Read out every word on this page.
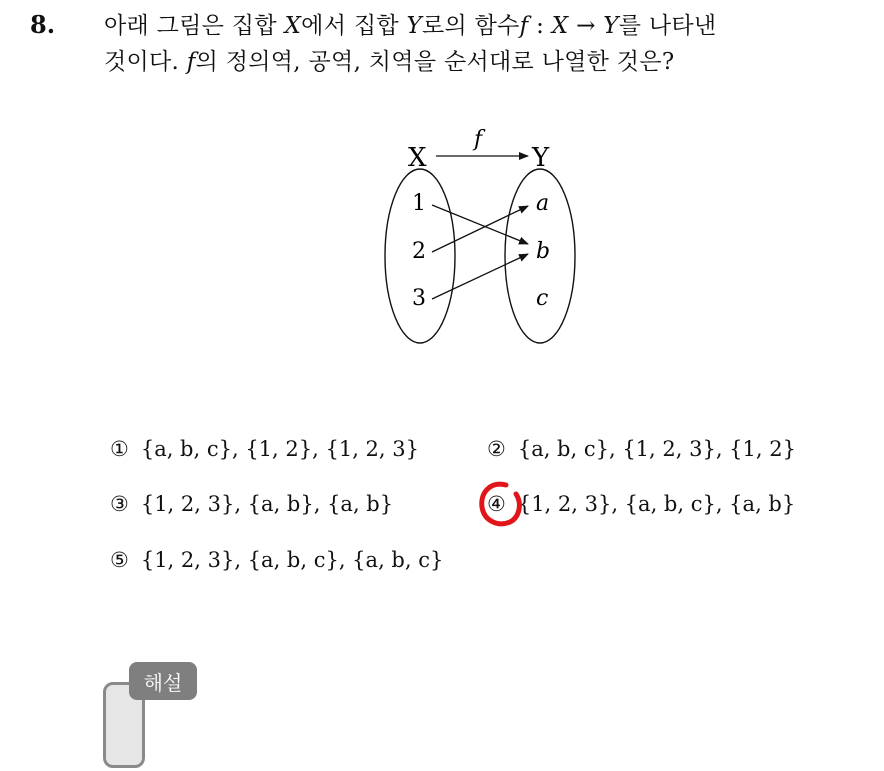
8. 아래 그림은 집합 X에서 집합 Y로의 함수f : X → Y를 나타낸
것이다. f의 정의역, 공역, 치역을 순서대로 나열한 것은?
X	Y
f
1
2
3
a
b
c
① {a, b, c}, {1, 2}, {1, 2, 3}	② {a, b, c}, {1, 2, 3}, {1, 2}
③ {1, 2, 3}, {a, b}, {a, b}	④ {1, 2, 3}, {a, b, c}, {a, b}
⑤ {1, 2, 3}, {a, b, c}, {a, b, c}
해설
